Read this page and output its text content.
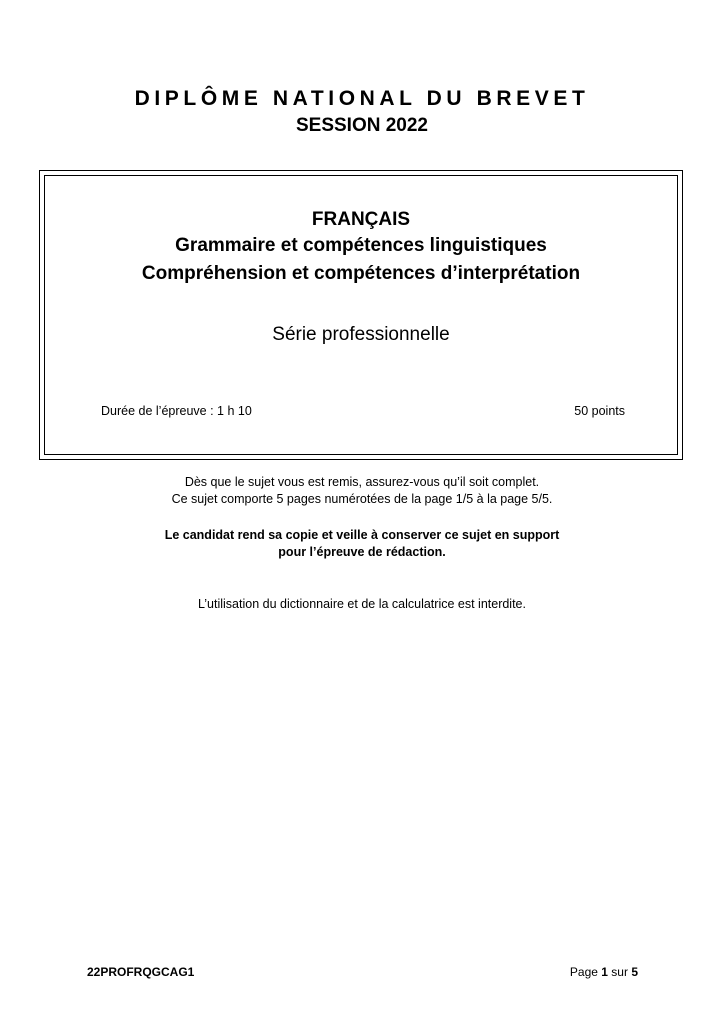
DIPLÔME NATIONAL DU BREVET

SESSION 2022

FRANÇAIS
Grammaire et compétences linguistiques
Compréhension et compétences d’interprétation
Série professionnelle
Durée de l’épreuve : 1 h 10	50 points

Dès que le sujet vous est remis, assurez-vous qu’il soit complet.

Ce sujet comporte 5 pages numérotées de la page 1/5 à la page 5/5.

Le candidat rend sa copie et veille à conserver ce sujet en support

pour l’épreuve de rédaction.

L’utilisation du dictionnaire et de la calculatrice est interdite.

22PROFRQGCAG1	Page 1 sur 5
